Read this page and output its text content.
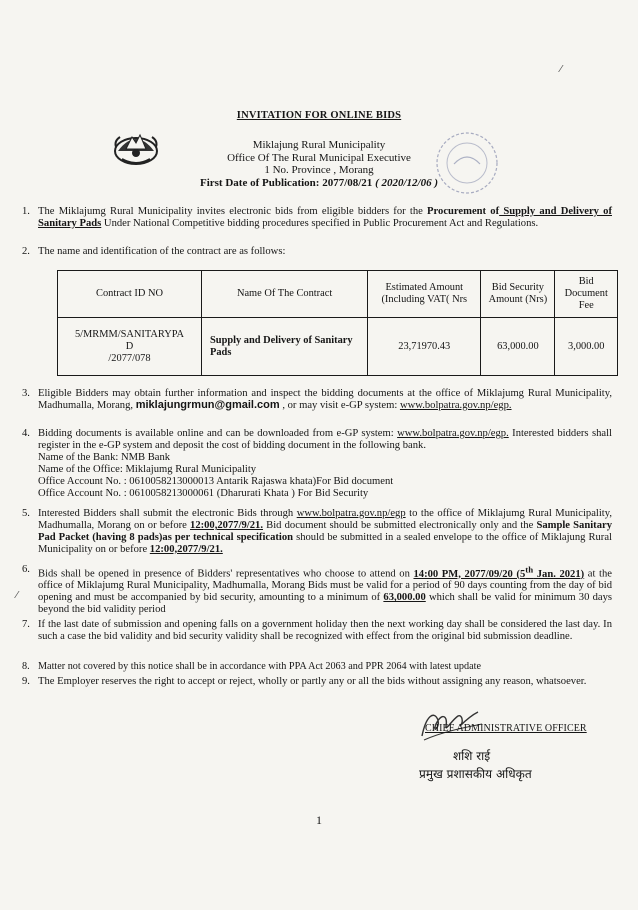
INVITATION FOR ONLINE BIDS
Miklajung Rural Municipality
Office Of The Rural Municipal Executive
1 No. Province , Morang
First Date of Publication: 2077/08/21 ( 2020/12/06 )
1. The Miklajumg Rural Municipality invites electronic bids from eligible bidders for the Procurement of Supply and Delivery of Sanitary Pads Under National Competitive bidding procedures specified in Public Procurement Act and Regulations.
2. The name and identification of the contract are as follows:
Contract ID NO	Name Of The Contract	Estimated Amount (Including VAT( Nrs	Bid Security Amount (Nrs)	Bid Document Fee

5/MRMM/SANITARYPA
D
/2077/078	Supply and Delivery of Sanitary Pads	23,71970.43	63,000.00	3,000.00
3. Eligible Bidders may obtain further information and inspect the bidding documents at the office of Miklajumg Rural Municipality, Madhumalla, Morang, miklajungrmun@gmail.com , or may visit e-GP system: www.bolpatra.gov.np/egp.
4. Bidding documents is available online and can be downloaded from e-GP system: www.bolpatra.gov.np/egp. Interested bidders shall register in the e-GP system and deposit the cost of bidding document in the following bank.
Name of the Bank: NMB Bank
Name of the Office: Miklajumg Rural Municipality
Office Account No. : 0610058213000013 Antarik Rajaswa khata)For Bid document
Office Account No. : 0610058213000061 (Dharurati Khata ) For Bid Security
5. Interested Bidders shall submit the electronic Bids through www.bolpatra.gov.np/egp to the office of Miklajumg Rural Municipality, Madhumalla, Morang on or before 12:00,2077/9/21. Bid document should be submitted electronically only and the Sample Sanitary Pad Packet (having 8 pads)as per technical specification should be submitted in a sealed envelope to the office of Miklajung Rural Municipality on or before 12:00,2077/9/21.
6. Bids shall be opened in presence of Bidders' representatives who choose to attend on 14:00 PM, 2077/09/20 (5th Jan. 2021) at the office of Miklajumg Rural Municipality, Madhumalla, Morang Bids must be valid for a period of 90 days counting from the day of bid opening and must be accompanied by bid security, amounting to a minimum of 63,000.00 which shall be valid for minimum 30 days beyond the bid validity period
7. If the last date of submission and opening falls on a government holiday then the next working day shall be considered the last day. In such a case the bid validity and bid security validity shall be recognized with effect from the original bid submission deadline.
8. Matter not covered by this notice shall be in accordance with PPA Act 2063 and PPR 2064 with latest update
9. The Employer reserves the right to accept or reject, wholly or partly any or all the bids without assigning any reason, whatsoever.
CHIEF ADMINISTRATIVE OFFICER
शशि राई
प्रमुख प्रशासकीय अधिकृत
1
⁄
⁄
